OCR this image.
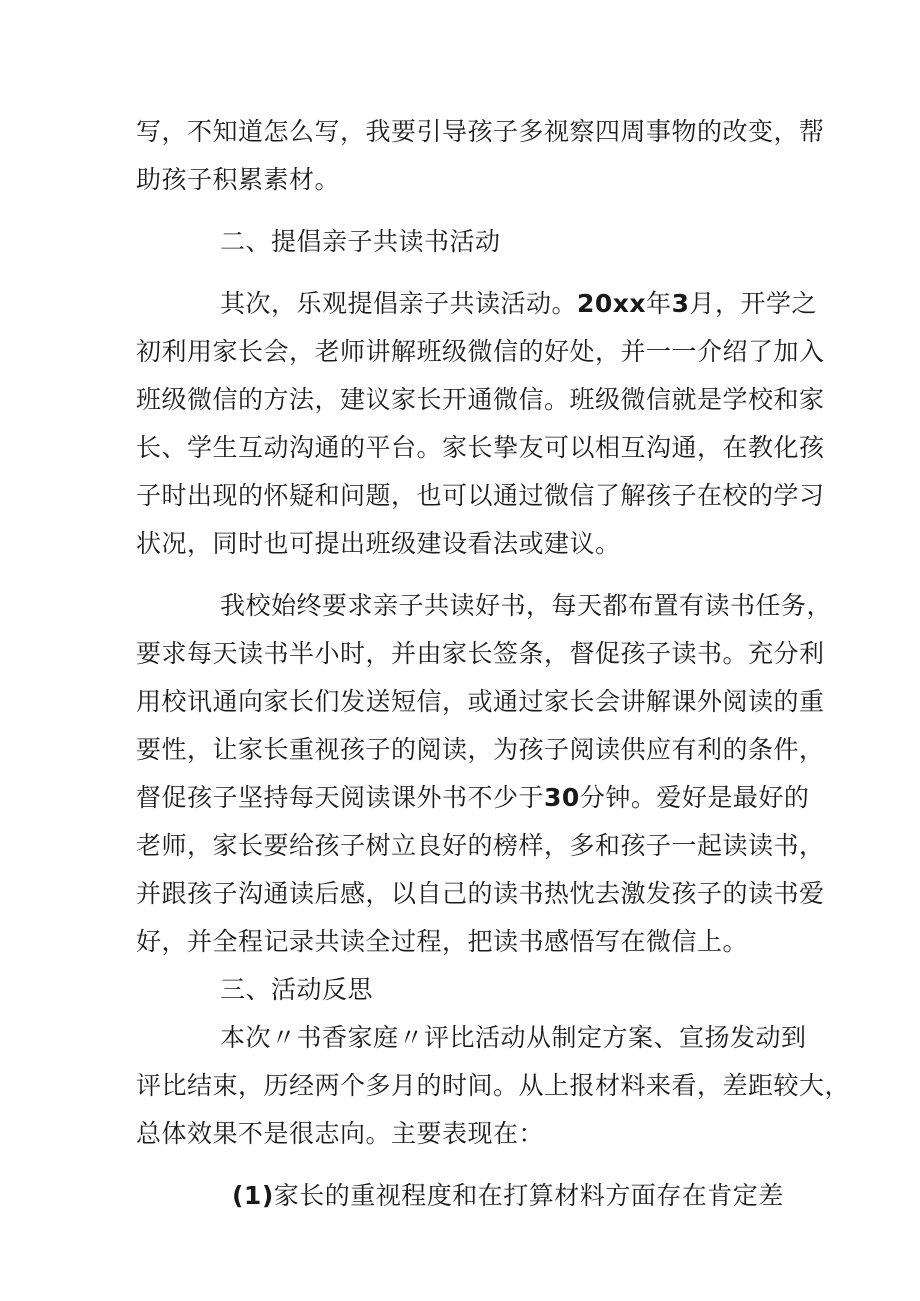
写，不知道怎么写，我要引导孩子多视察四周事物的改变，帮
助孩子积累素材。
二、提倡亲子共读书活动
其次，乐观提倡亲子共读活动。20xx年3月，开学之
初利用家长会，老师讲解班级微信的好处，并一一介绍了加入
班级微信的方法，建议家长开通微信。班级微信就是学校和家
长、学生互动沟通的平台。家长挚友可以相互沟通，在教化孩
子时出现的怀疑和问题，也可以通过微信了解孩子在校的学习
状况，同时也可提出班级建设看法或建议。
我校始终要求亲子共读好书，每天都布置有读书任务，
要求每天读书半小时，并由家长签条，督促孩子读书。充分利
用校讯通向家长们发送短信，或通过家长会讲解课外阅读的重
要性，让家长重视孩子的阅读，为孩子阅读供应有利的条件，
督促孩子坚持每天阅读课外书不少于30分钟。爱好是最好的
老师，家长要给孩子树立良好的榜样，多和孩子一起读读书，
并跟孩子沟通读后感，以自己的读书热忱去激发孩子的读书爱
好，并全程记录共读全过程，把读书感悟写在微信上。
三、活动反思
本次〃书香家庭〃评比活动从制定方案、宣扬发动到
评比结束，历经两个多月的时间。从上报材料来看，差距较大，
总体效果不是很志向。主要表现在：
(1)家长的重视程度和在打算材料方面存在肯定差
